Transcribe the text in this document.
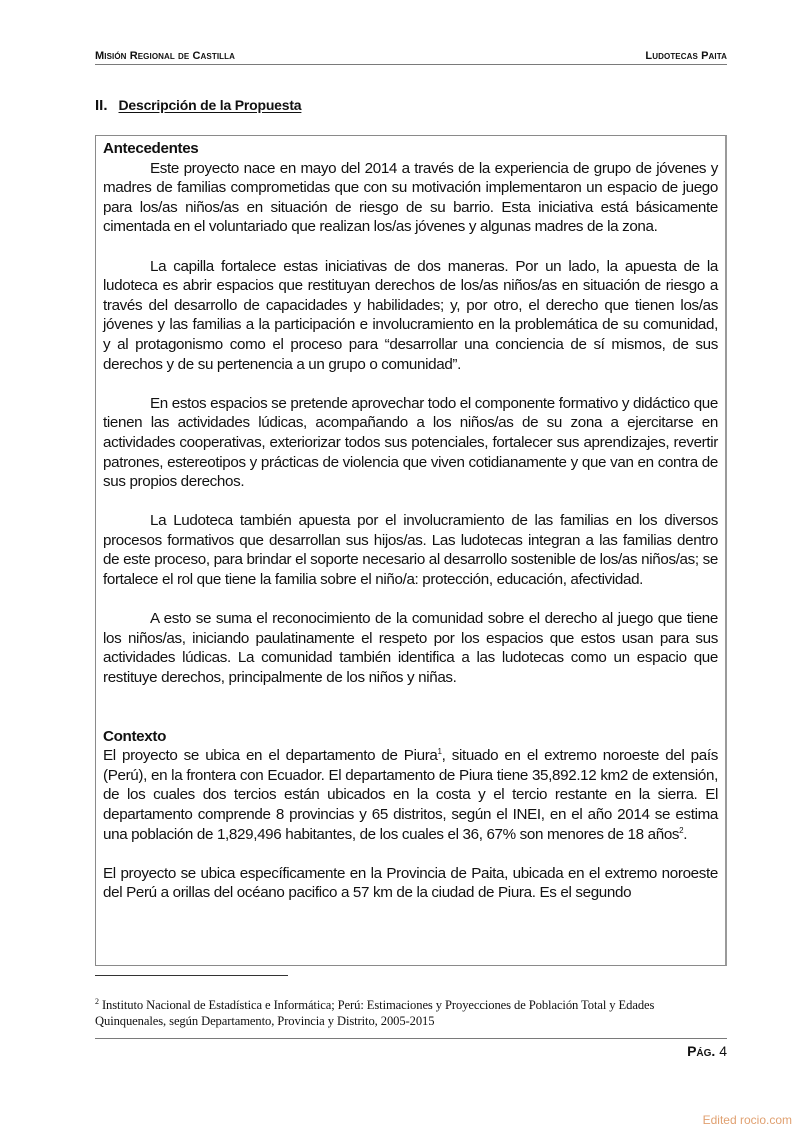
Misión Regional de Castilla	Ludotecas Paita
II. Descripción de la Propuesta
Antecedentes

Este proyecto nace en mayo del 2014 a través de la experiencia de grupo de jóvenes y madres de familias comprometidas que con su motivación implementaron un espacio de juego para los/as niños/as en situación de riesgo de su barrio. Esta iniciativa está básicamente cimentada en el voluntariado que realizan los/as jóvenes y algunas madres de la zona.

La capilla fortalece estas iniciativas de dos maneras. Por un lado, la apuesta de la ludoteca es abrir espacios que restituyan derechos de los/as niños/as en situación de riesgo a través del desarrollo de capacidades y habilidades; y, por otro, el derecho que tienen los/as jóvenes y las familias a la participación e involucramiento en la problemática de su comunidad, y al protagonismo como el proceso para “desarrollar una conciencia de sí mismos, de sus derechos y de su pertenencia a un grupo o comunidad”.

En estos espacios se pretende aprovechar todo el componente formativo y didáctico que tienen las actividades lúdicas, acompañando a los niños/as de su zona a ejercitarse en actividades cooperativas, exteriorizar todos sus potenciales, fortalecer sus aprendizajes, revertir patrones, estereotipos y prácticas de violencia que viven cotidianamente y que van en contra de sus propios derechos.

La Ludoteca también apuesta por el involucramiento de las familias en los diversos procesos formativos que desarrollan sus hijos/as. Las ludotecas integran a las familias dentro de este proceso, para brindar el soporte necesario al desarrollo sostenible de los/as niños/as; se fortalece el rol que tiene la familia sobre el niño/a: protección, educación, afectividad.

A esto se suma el reconocimiento de la comunidad sobre el derecho al juego que tiene los niños/as, iniciando paulatinamente el respeto por los espacios que estos usan para sus actividades lúdicas. La comunidad también identifica a las ludotecas como un espacio que restituye derechos, principalmente de los niños y niñas.

Contexto

El proyecto se ubica en el departamento de Piura$^1$, situado en el extremo noroeste del país (Perú), en la frontera con Ecuador. El departamento de Piura tiene 35,892.12 km2 de extensión, de los cuales dos tercios están ubicados en la costa y el tercio restante en la sierra. El departamento comprende 8 provincias y 65 distritos, según el INEI, en el año 2014 se estima una población de 1,829,496 habitantes, de los cuales el 36, 67% son menores de 18 años$^2$.

El proyecto se ubica específicamente en la Provincia de Paita, ubicada en el extremo noroeste del Perú a orillas del océano pacifico a 57 km de la ciudad de Piura. Es el segundo

$^2$ Instituto Nacional de Estadística e Informática; Perú: Estimaciones y Proyecciones de Población Total y Edades Quinquenales, según Departamento, Provincia y Distrito, 2005-2015
Pág. 4
Edited rocio.com
